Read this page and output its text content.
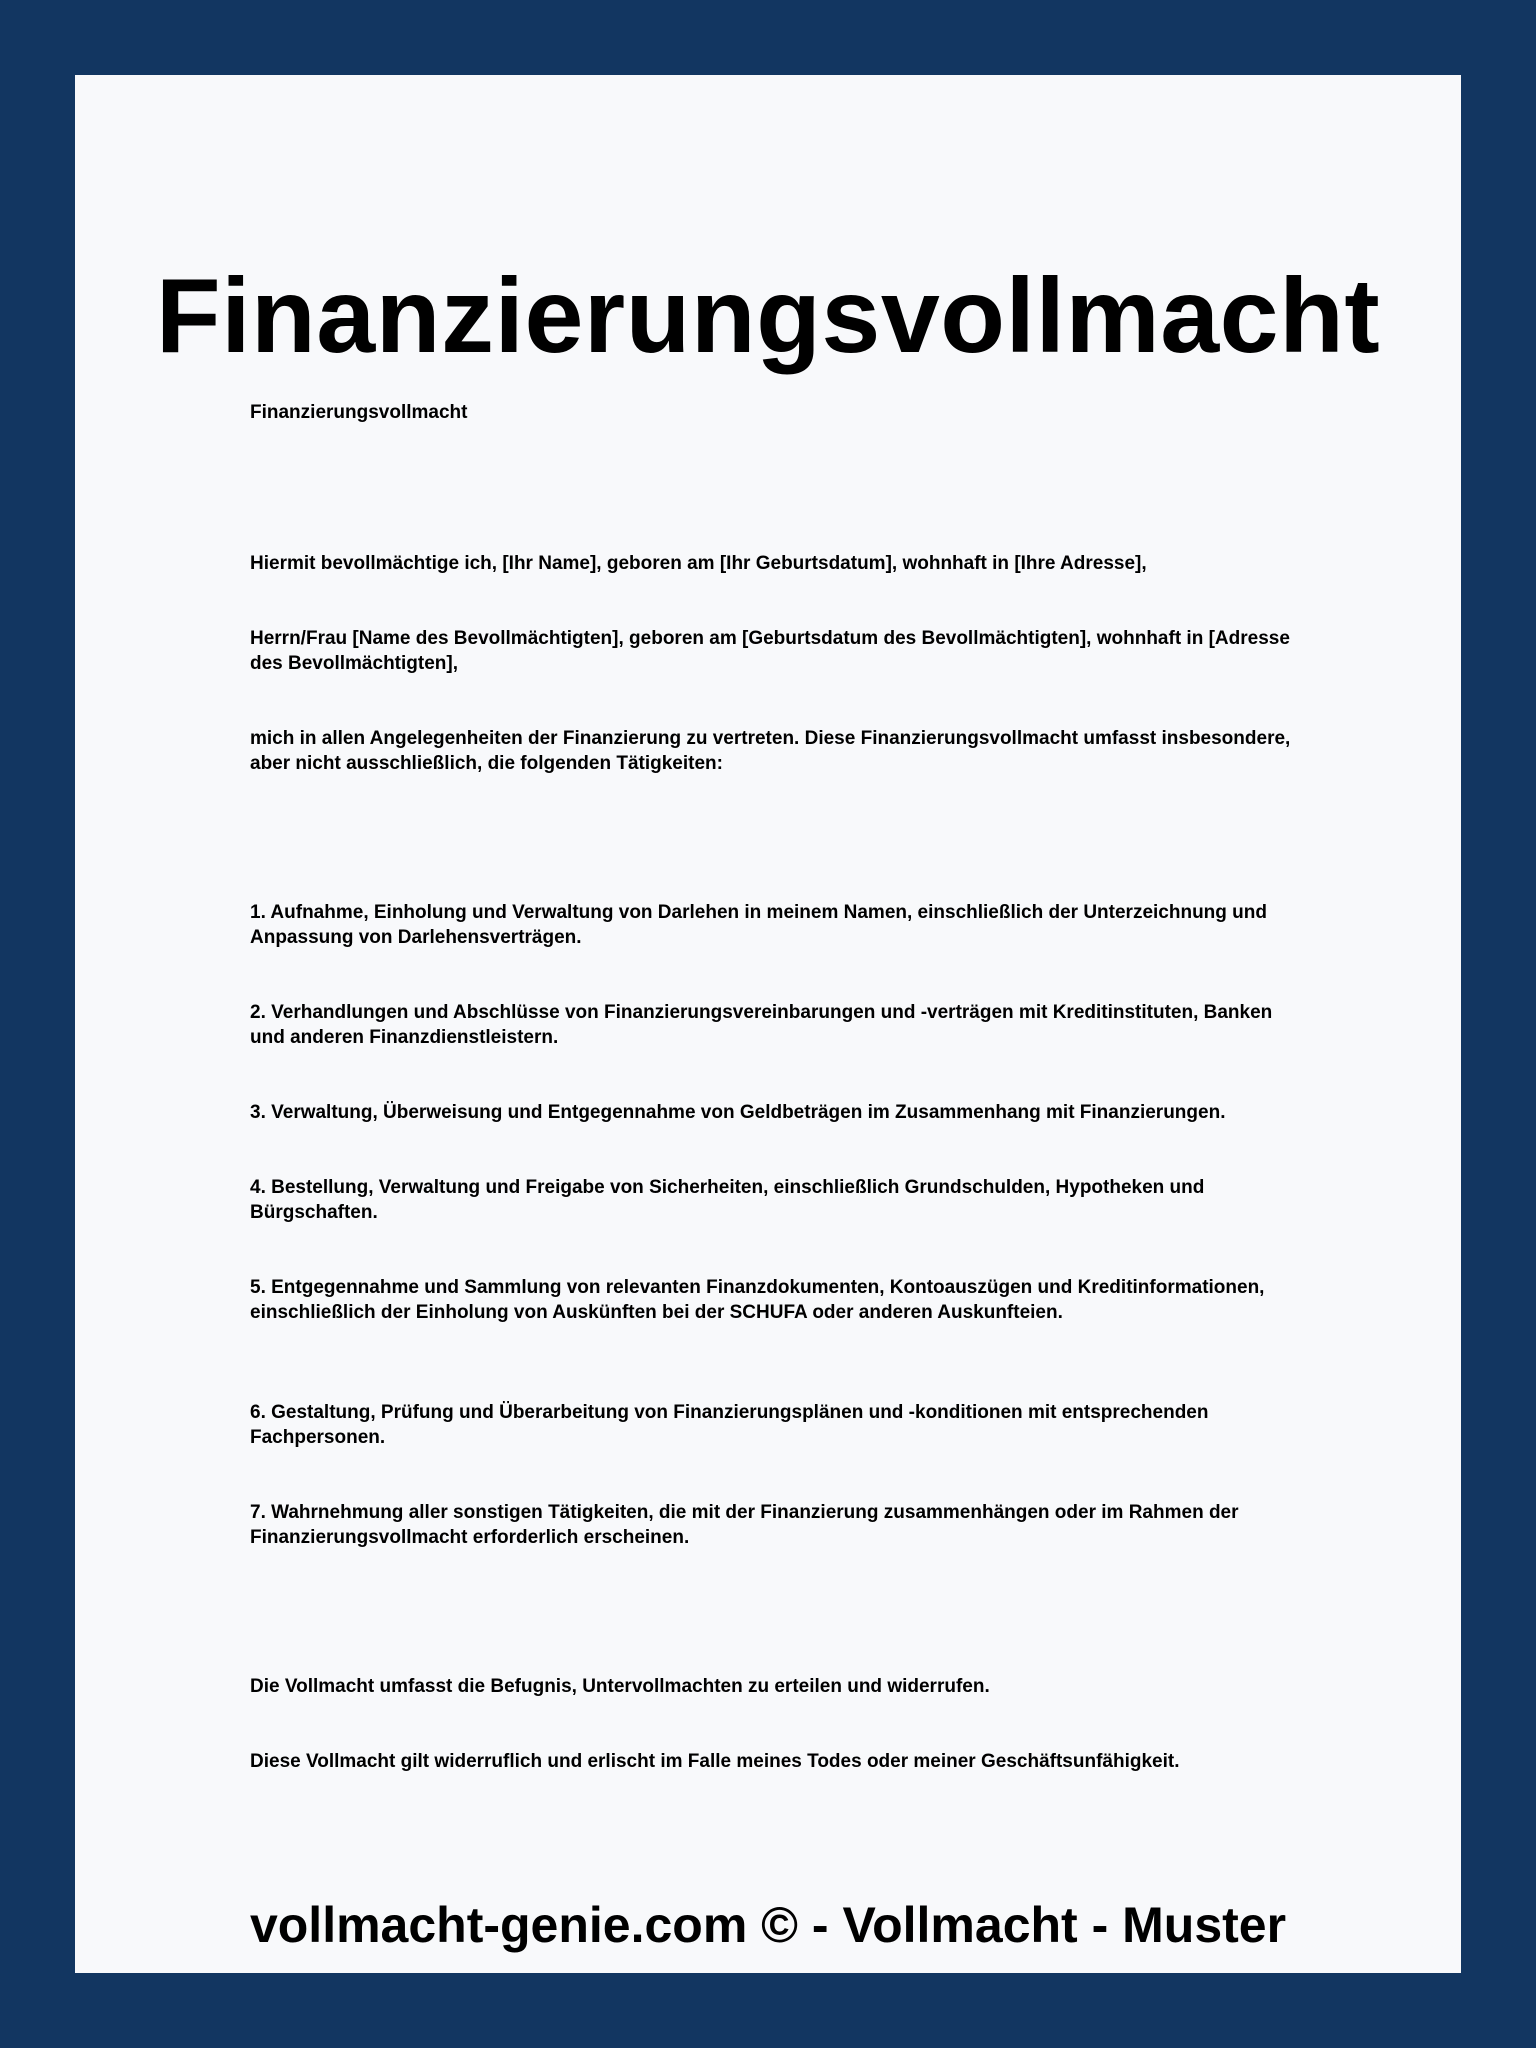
Finanzierungsvollmacht

Finanzierungsvollmacht

Hiermit bevollmächtige ich, [Ihr Name], geboren am [Ihr Geburtsdatum], wohnhaft in [Ihre Adresse],

Herrn/Frau [Name des Bevollmächtigten], geboren am [Geburtsdatum des Bevollmächtigten], wohnhaft in [Adresse des Bevollmächtigten],

mich in allen Angelegenheiten der Finanzierung zu vertreten. Diese Finanzierungsvollmacht umfasst insbesondere, aber nicht ausschließlich, die folgenden Tätigkeiten:

1. Aufnahme, Einholung und Verwaltung von Darlehen in meinem Namen, einschließlich der Unterzeichnung und Anpassung von Darlehensverträgen.

2. Verhandlungen und Abschlüsse von Finanzierungsvereinbarungen und -verträgen mit Kreditinstituten, Banken und anderen Finanzdienstleistern.

3. Verwaltung, Überweisung und Entgegennahme von Geldbeträgen im Zusammenhang mit Finanzierungen.

4. Bestellung, Verwaltung und Freigabe von Sicherheiten, einschließlich Grundschulden, Hypotheken und Bürgschaften.

5. Entgegennahme und Sammlung von relevanten Finanzdokumenten, Kontoauszügen und Kreditinformationen, einschließlich der Einholung von Auskünften bei der SCHUFA oder anderen Auskunfteien.

6. Gestaltung, Prüfung und Überarbeitung von Finanzierungsplänen und -konditionen mit entsprechenden Fachpersonen.

7. Wahrnehmung aller sonstigen Tätigkeiten, die mit der Finanzierung zusammenhängen oder im Rahmen der Finanzierungsvollmacht erforderlich erscheinen.

Die Vollmacht umfasst die Befugnis, Untervollmachten zu erteilen und widerrufen.

Diese Vollmacht gilt widerruflich und erlischt im Falle meines Todes oder meiner Geschäftsunfähigkeit.

vollmacht-genie.com © - Vollmacht - Muster
